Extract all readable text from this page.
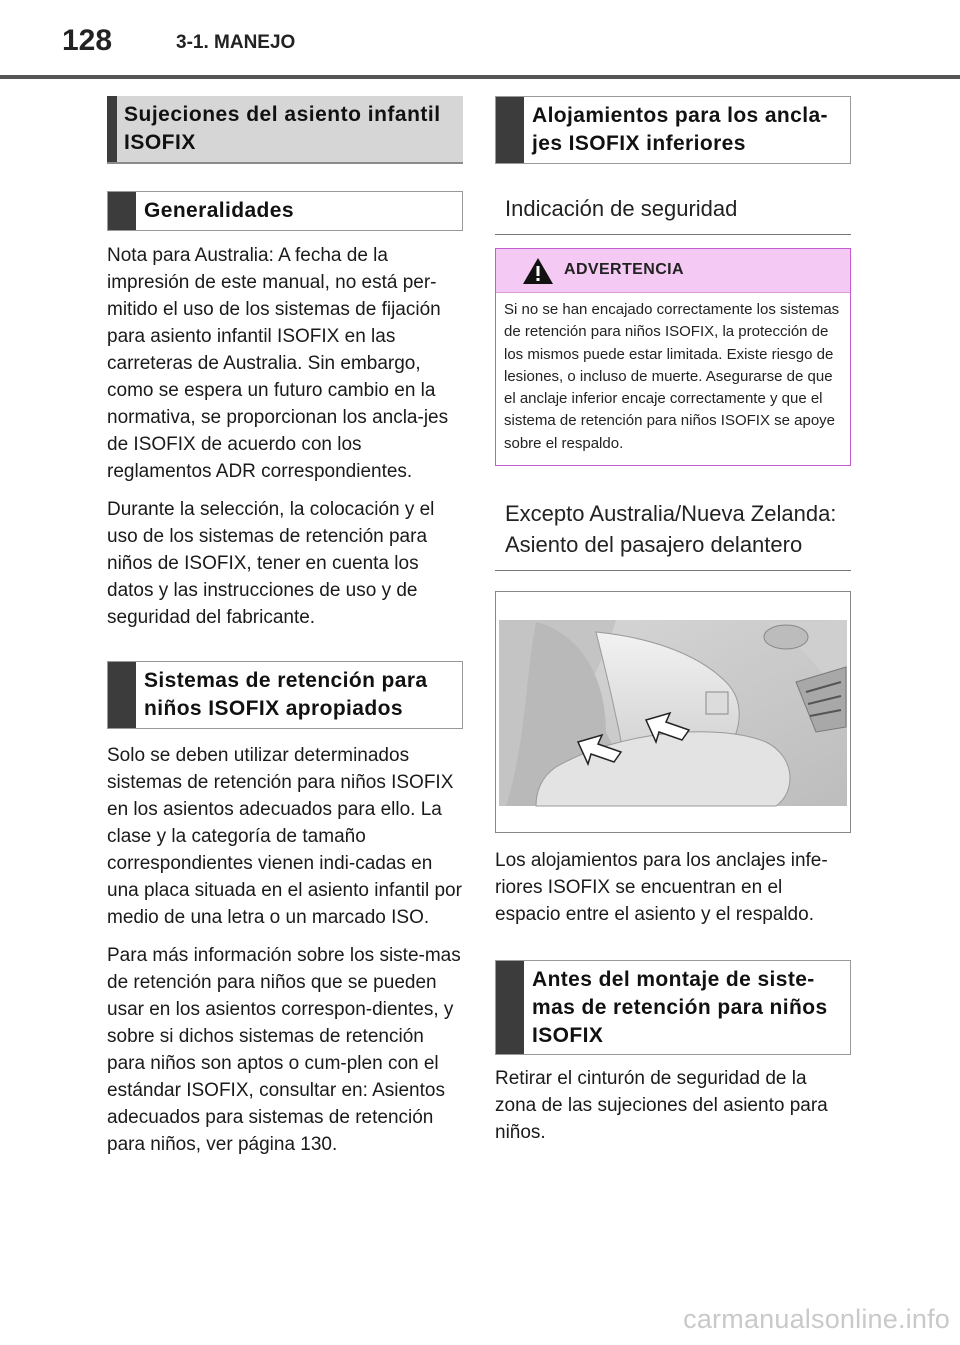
128	3-1. MANEJO
Sujeciones del asiento infantil ISOFIX
Generalidades

Nota para Australia: A fecha de la impresión de este manual, no está per-mitido el uso de los sistemas de fijación para asiento infantil ISOFIX en las carreteras de Australia. Sin embargo, como se espera un futuro cambio en la normativa, se proporcionan los ancla-jes de ISOFIX de acuerdo con los reglamentos ADR correspondientes.

Durante la selección, la colocación y el uso de los sistemas de retención para niños de ISOFIX, tener en cuenta los datos y las instrucciones de uso y de seguridad del fabricante.

Sistemas de retención para niños ISOFIX apropiados

Solo se deben utilizar determinados sistemas de retención para niños ISOFIX en los asientos adecuados para ello. La clase y la categoría de tamaño correspondientes vienen indi-cadas en una placa situada en el asiento infantil por medio de una letra o un marcado ISO.

Para más información sobre los siste-mas de retención para niños que se pueden usar en los asientos correspon-dientes, y sobre si dichos sistemas de retención para niños son aptos o cum-plen con el estándar ISOFIX, consultar en: Asientos adecuados para sistemas de retención para niños, ver página 130.

Alojamientos para los ancla-jes ISOFIX inferiores
Indicación de seguridad
ADVERTENCIA
Si no se han encajado correctamente los sistemas de retención para niños ISOFIX, la protección de los mismos puede estar limitada. Existe riesgo de lesiones, o incluso de muerte. Asegurarse de que el anclaje inferior encaje correctamente y que el sistema de retención para niños ISOFIX se apoye sobre el respaldo.
Excepto Australia/Nueva Zelanda: Asiento del pasajero delantero

Los alojamientos para los anclajes infe-riores ISOFIX se encuentran en el espacio entre el asiento y el respaldo.

Antes del montaje de siste-mas de retención para niños ISOFIX

Retirar el cinturón de seguridad de la zona de las sujeciones del asiento para niños.

carmanualsonline.info
